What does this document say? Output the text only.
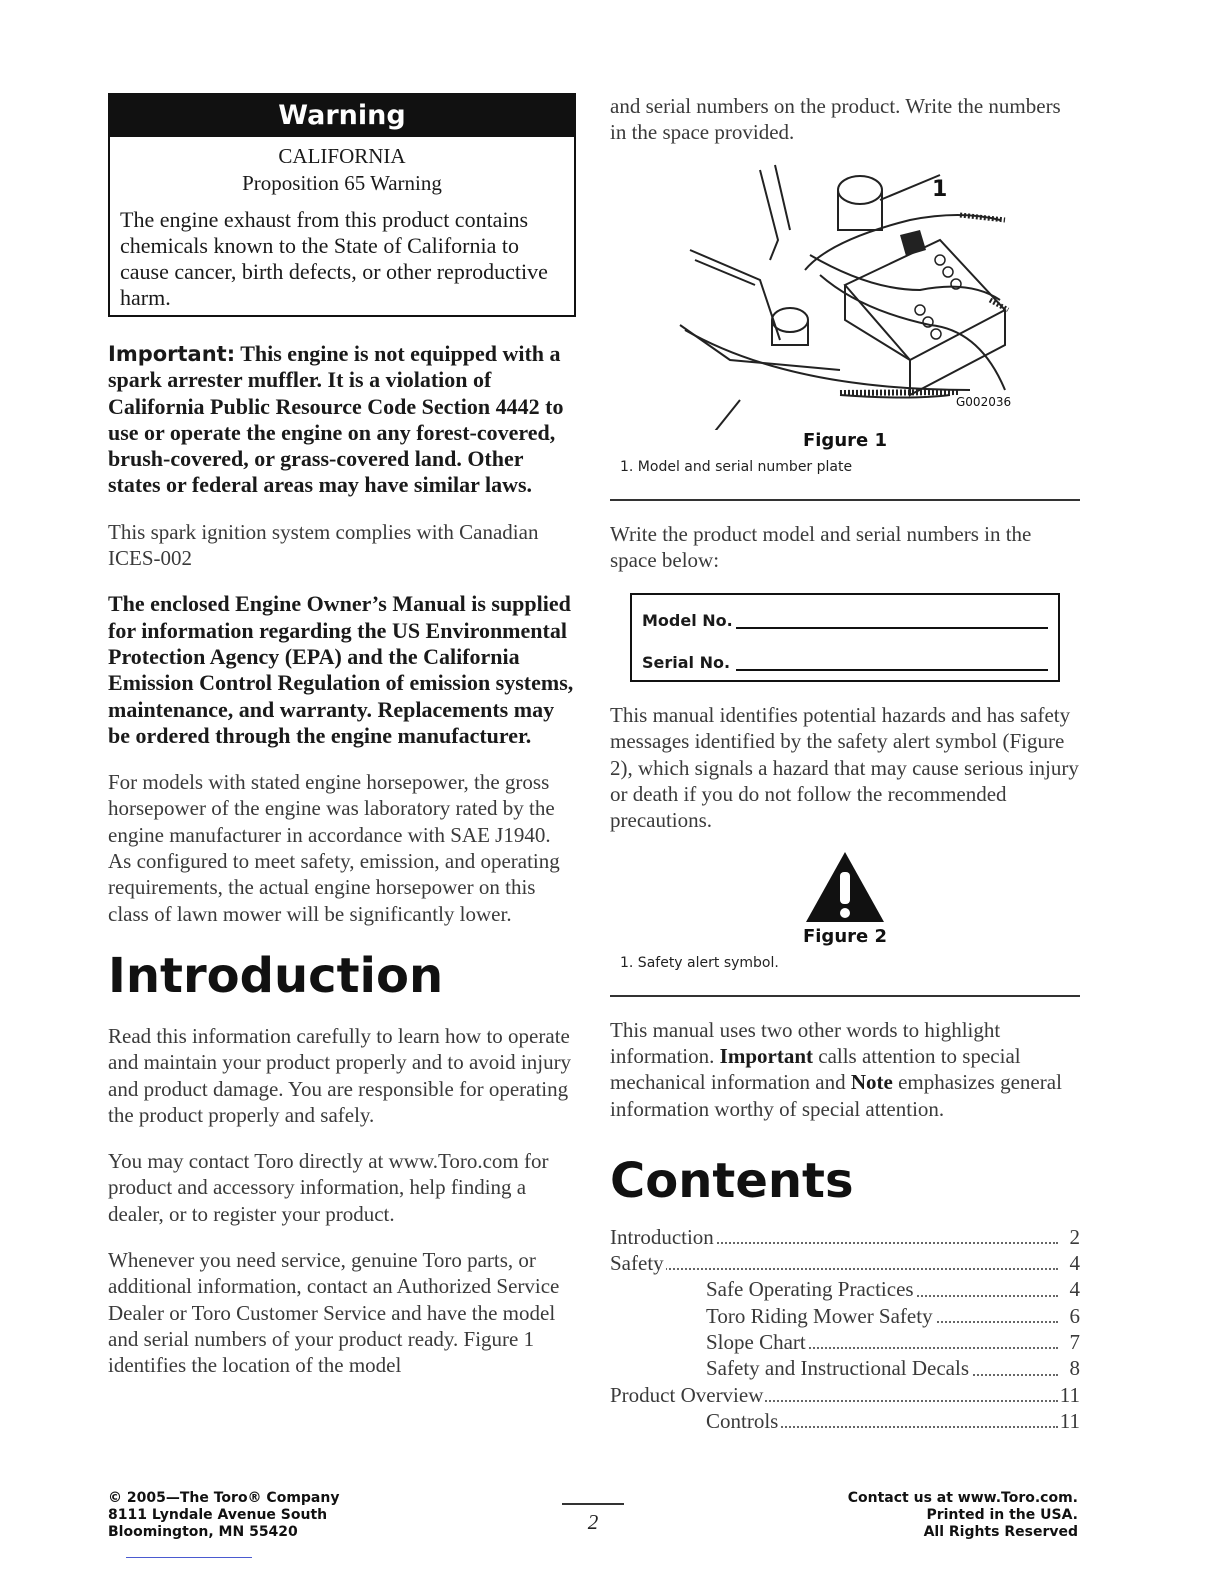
Warning
CALIFORNIA
Proposition 65 Warning
The engine exhaust from this product contains chemicals known to the State of California to cause cancer, birth defects, or other reproductive harm.

Important: This engine is not equipped with a spark arrester muffler. It is a violation of California Public Resource Code Section 4442 to use or operate the engine on any forest-covered, brush-covered, or grass-covered land. Other states or federal areas may have similar laws.

This spark ignition system complies with Canadian ICES-002

The enclosed Engine Owner’s Manual is supplied for information regarding the US Environmental Protection Agency (EPA) and the California Emission Control Regulation of emission systems, maintenance, and warranty. Replacements may be ordered through the engine manufacturer.

For models with stated engine horsepower, the gross horsepower of the engine was laboratory rated by the engine manufacturer in accordance with SAE J1940. As configured to meet safety, emission, and operating requirements, the actual engine horsepower on this class of lawn mower will be significantly lower.

Introduction

Read this information carefully to learn how to operate and maintain your product properly and to avoid injury and product damage. You are responsible for operating the product properly and safely.

You may contact Toro directly at www.Toro.com for product and accessory information, help finding a dealer, or to register your product.

Whenever you need service, genuine Toro parts, or additional information, contact an Authorized Service Dealer or Toro Customer Service and have the model and serial numbers of your product ready. Figure 1 identifies the location of the model

and serial numbers on the product. Write the numbers in the space provided.

1
G002036
Figure 1
1. Model and serial number plate

Write the product model and serial numbers in the space below:

Model No.
Serial No.

This manual identifies potential hazards and has safety messages identified by the safety alert symbol (Figure 2), which signals a hazard that may cause serious injury or death if you do not follow the recommended precautions.

Figure 2
1. Safety alert symbol.

This manual uses two other words to highlight information. Important calls attention to special mechanical information and Note emphasizes general information worthy of special attention.

Contents
Introduction	2
Safety	4
Safe Operating Practices	4
Toro Riding Mower Safety	6
Slope Chart	7
Safety and Instructional Decals	8
Product Overview	11
Controls	11
© 2005—The Toro® Company
8111 Lyndale Avenue South
Bloomington, MN 55420	2
Contact us at www.Toro.com.
Printed in the USA.
All Rights Reserved
